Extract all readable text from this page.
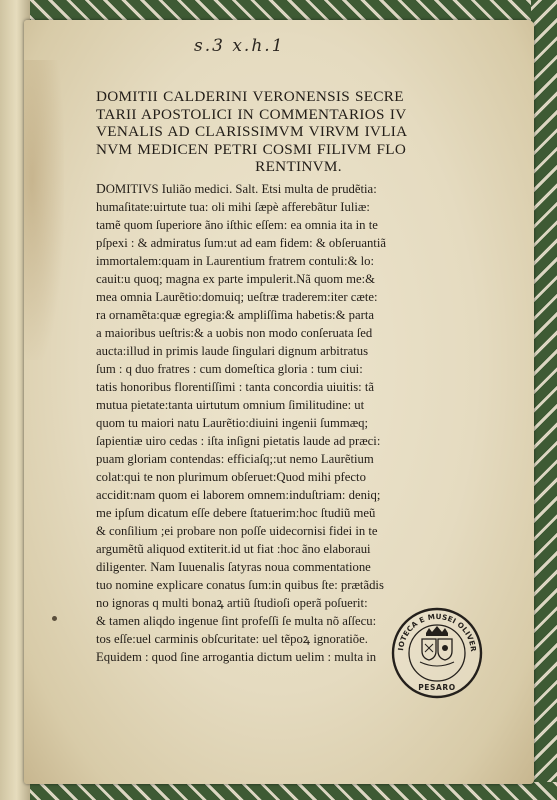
s.3 x.h.1
DOMITII CALDERINI VERONENSIS SECRE
TARII APOSTOLICI IN COMMENTARIOS IV
VENALIS AD CLARISSIMVM VIRVM IVLIA
NVM MEDICEN PETRI COSMI FILIVM FLO
RENTINVM.
DOMITIVS Iulião medici. Salt. Etsi multa de prudẽtia:
humaſitate:uirtute tua: oli mihi ſæpè afferebãtur Iuliæ:
tamẽ quom ſuperiore ãno iſthic eſſem: ea omnia ita in te
pſpexi : & admiratus ſum:ut ad eam fidem: & obſeruantiã
immortalem:quam in Laurentium fratrem contuli:& lo:
cauit:u quoq; magna ex parte impulerit.Nã quom me:&
mea omnia Laurẽtio:domuiq; ueſtræ traderem:iter cæte:
ra ornamẽta:quæ egregia:& ampliſſima habetis:& parta
a maioribus ueſtris:& a uobis non modo conſeruata ſed
aucta:illud in primis laude ſingulari dignum arbitratus
ſum : q duo fratres : cum domeſtica gloria : tum ciui:
tatis honoribus florentiſſimi : tanta concordia uiuitis: tã
mutua pietate:tanta uirtutum omnium ſimilitudine: ut
quom tu maiori natu Laurẽtio:diuini ingenii ſummæq;
ſapientiæ uiro cedas : iſta inſigni pietatis laude ad præci:
puam gloriam contendas: efficiaſq;:ut nemo Laurẽtium
colat:qui te non plurimum obſeruet:Quod mihi pfecto
accidit:nam quom ei laborem omnem:induſtriam: deniq;
me ipſum dicatum eſſe debere ſtatuerim:hoc ſtudiũ meũ
& conſilium ;ei probare non poſſe uidecornisi fidei in te
argumẽtũ aliquod extiterit.id ut fiat :hoc ãno elaboraui
diligenter. Nam Iuuenalis ſatyras noua commentatione
tuo nomine explicare conatus ſum:in quibus ſte: prætãdis
no ignoras q multi bonaꝝ artiũ ſtudioſi operã poſuerit:
& tamen aliqdo ingenue ſint profeſſi ſe multa nõ aſſecu:
tos eſſe:uel carminis obſcuritate: uel tẽpoꝝ ignoratiõe.
Equidem : quod ſine arrogantia dictum uelim : multa in
IOTECA E MUSEI OLIVER
PESARO
